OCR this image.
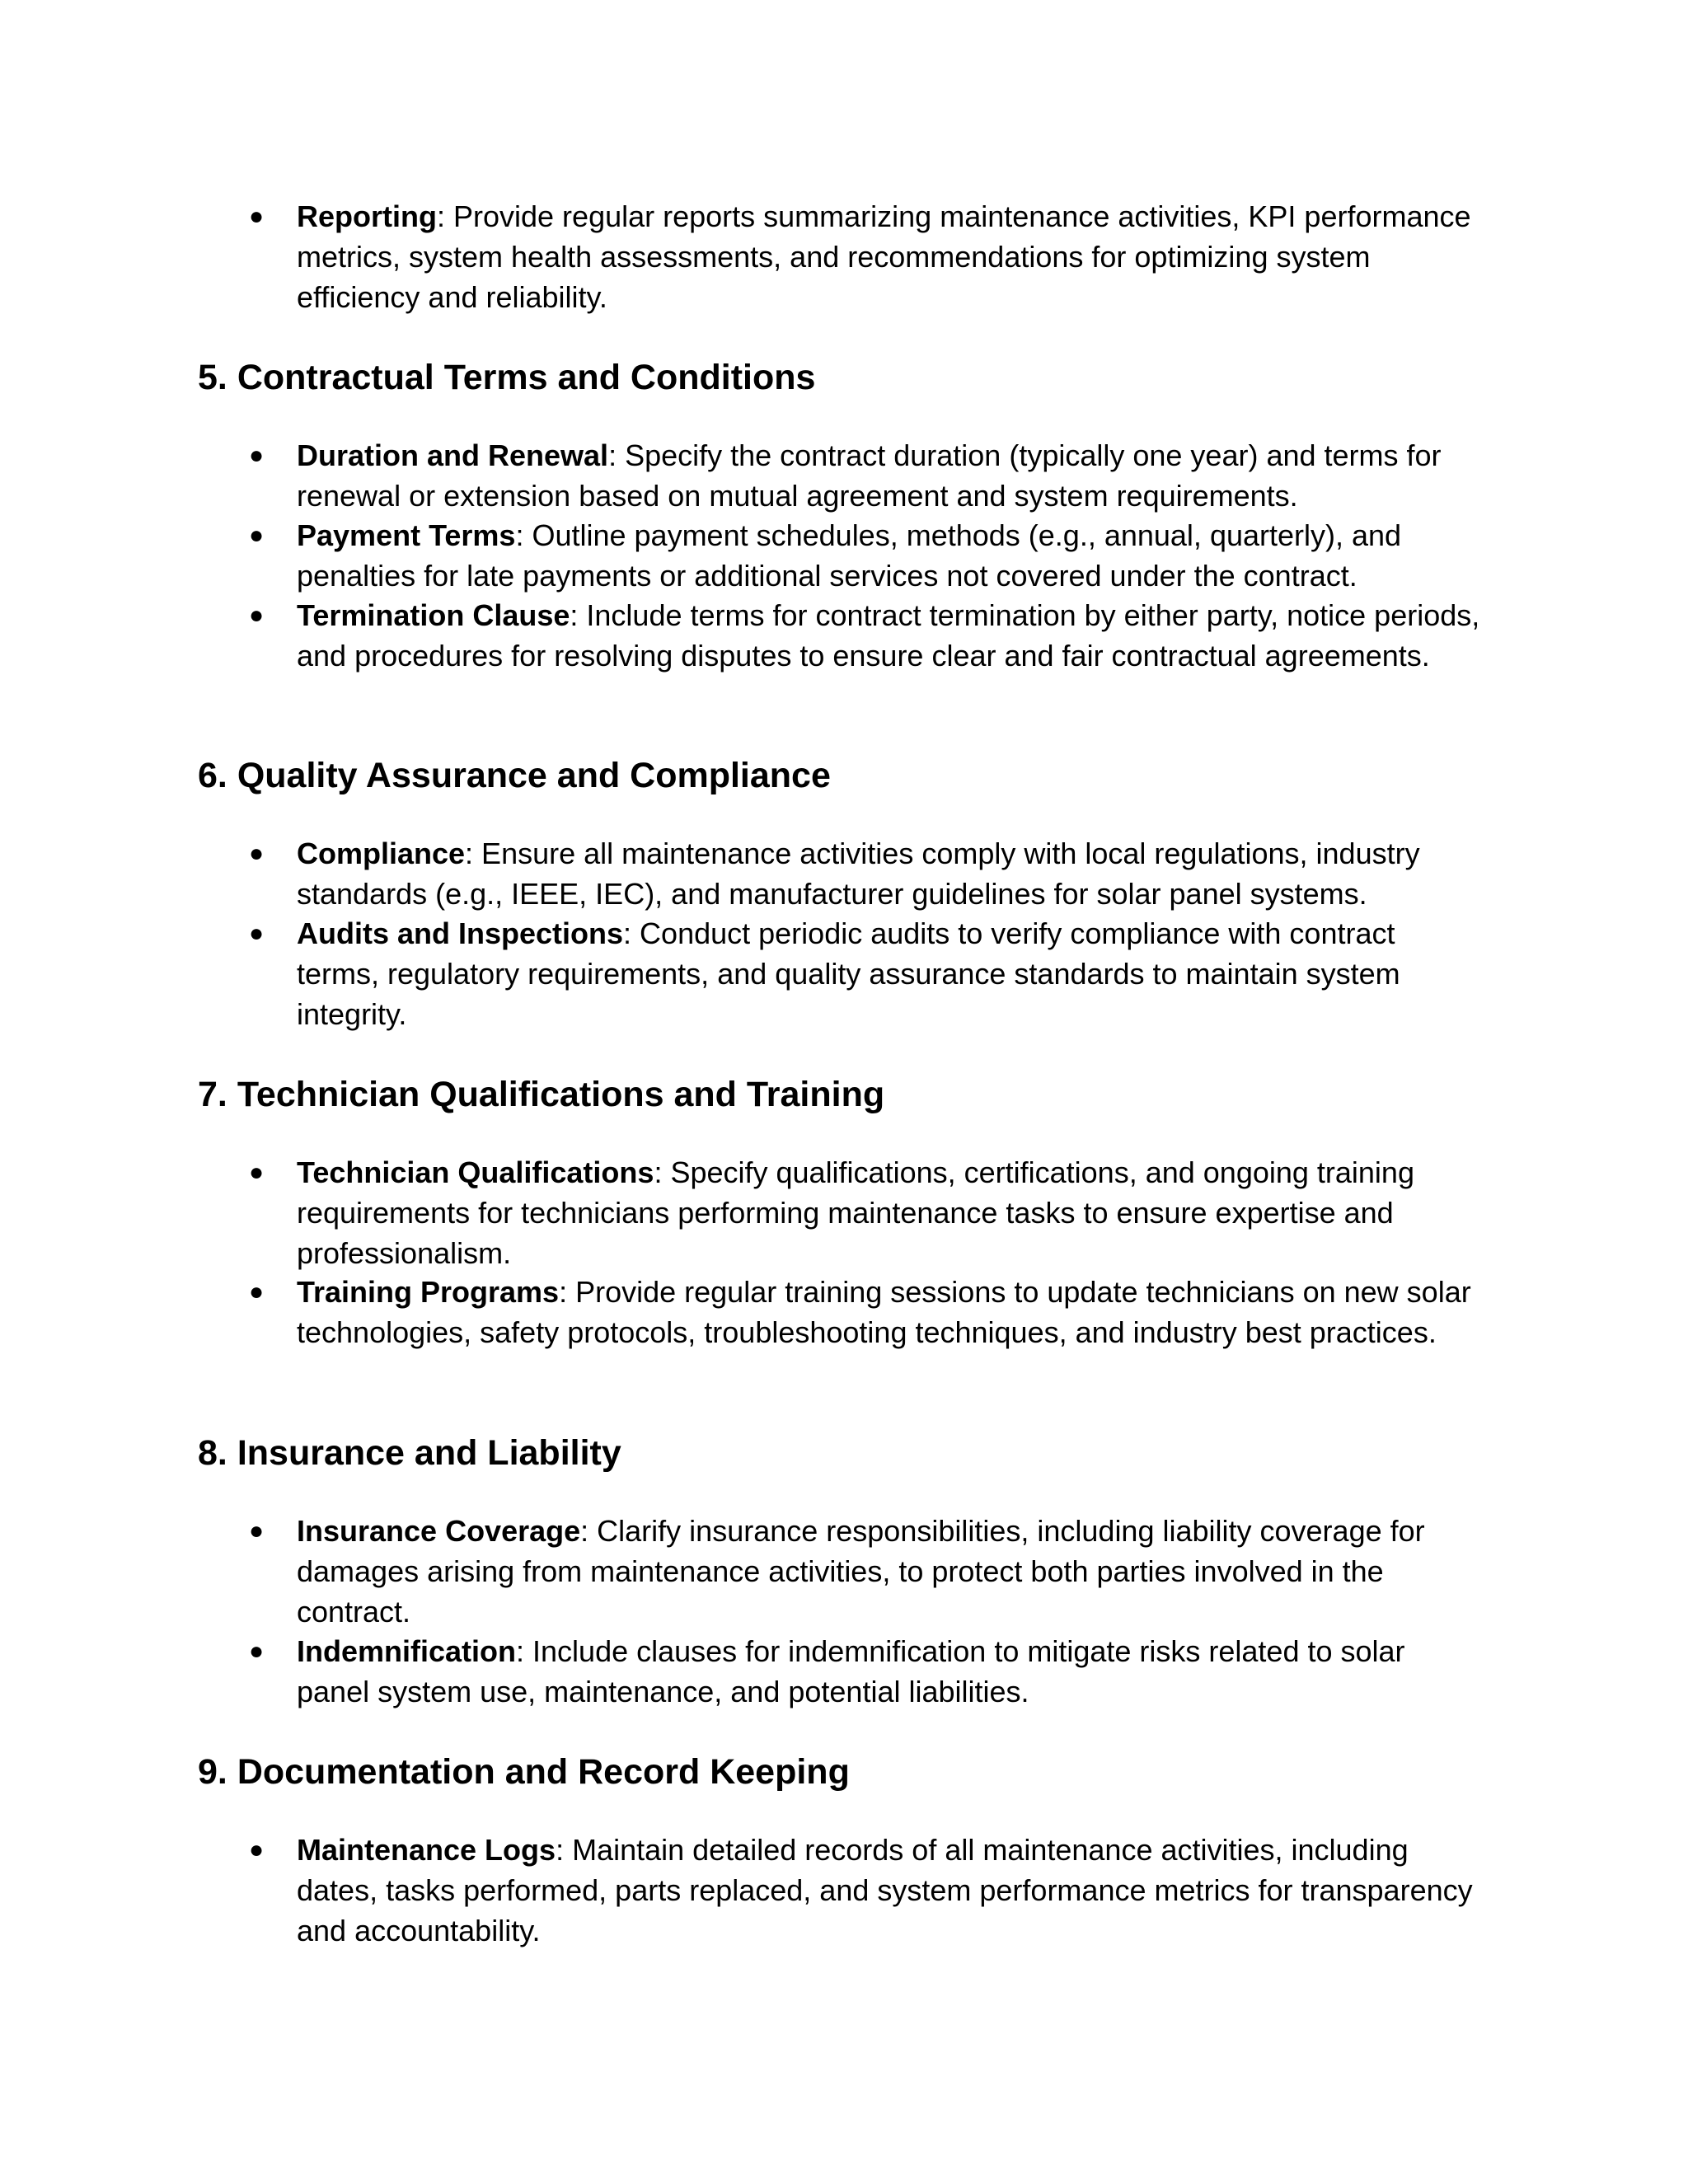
● Reporting: Provide regular reports summarizing maintenance activities, KPI performance metrics, system health assessments, and recommendations for optimizing system efficiency and reliability.
5. Contractual Terms and Conditions
● Duration and Renewal: Specify the contract duration (typically one year) and terms for renewal or extension based on mutual agreement and system requirements.
● Payment Terms: Outline payment schedules, methods (e.g., annual, quarterly), and penalties for late payments or additional services not covered under the contract.
● Termination Clause: Include terms for contract termination by either party, notice periods, and procedures for resolving disputes to ensure clear and fair contractual agreements.
6. Quality Assurance and Compliance
● Compliance: Ensure all maintenance activities comply with local regulations, industry standards (e.g., IEEE, IEC), and manufacturer guidelines for solar panel systems.
● Audits and Inspections: Conduct periodic audits to verify compliance with contract terms, regulatory requirements, and quality assurance standards to maintain system integrity.
7. Technician Qualifications and Training
● Technician Qualifications: Specify qualifications, certifications, and ongoing training requirements for technicians performing maintenance tasks to ensure expertise and professionalism.
● Training Programs: Provide regular training sessions to update technicians on new solar technologies, safety protocols, troubleshooting techniques, and industry best practices.
8. Insurance and Liability
● Insurance Coverage: Clarify insurance responsibilities, including liability coverage for damages arising from maintenance activities, to protect both parties involved in the contract.
● Indemnification: Include clauses for indemnification to mitigate risks related to solar panel system use, maintenance, and potential liabilities.
9. Documentation and Record Keeping
● Maintenance Logs: Maintain detailed records of all maintenance activities, including dates, tasks performed, parts replaced, and system performance metrics for transparency and accountability.
